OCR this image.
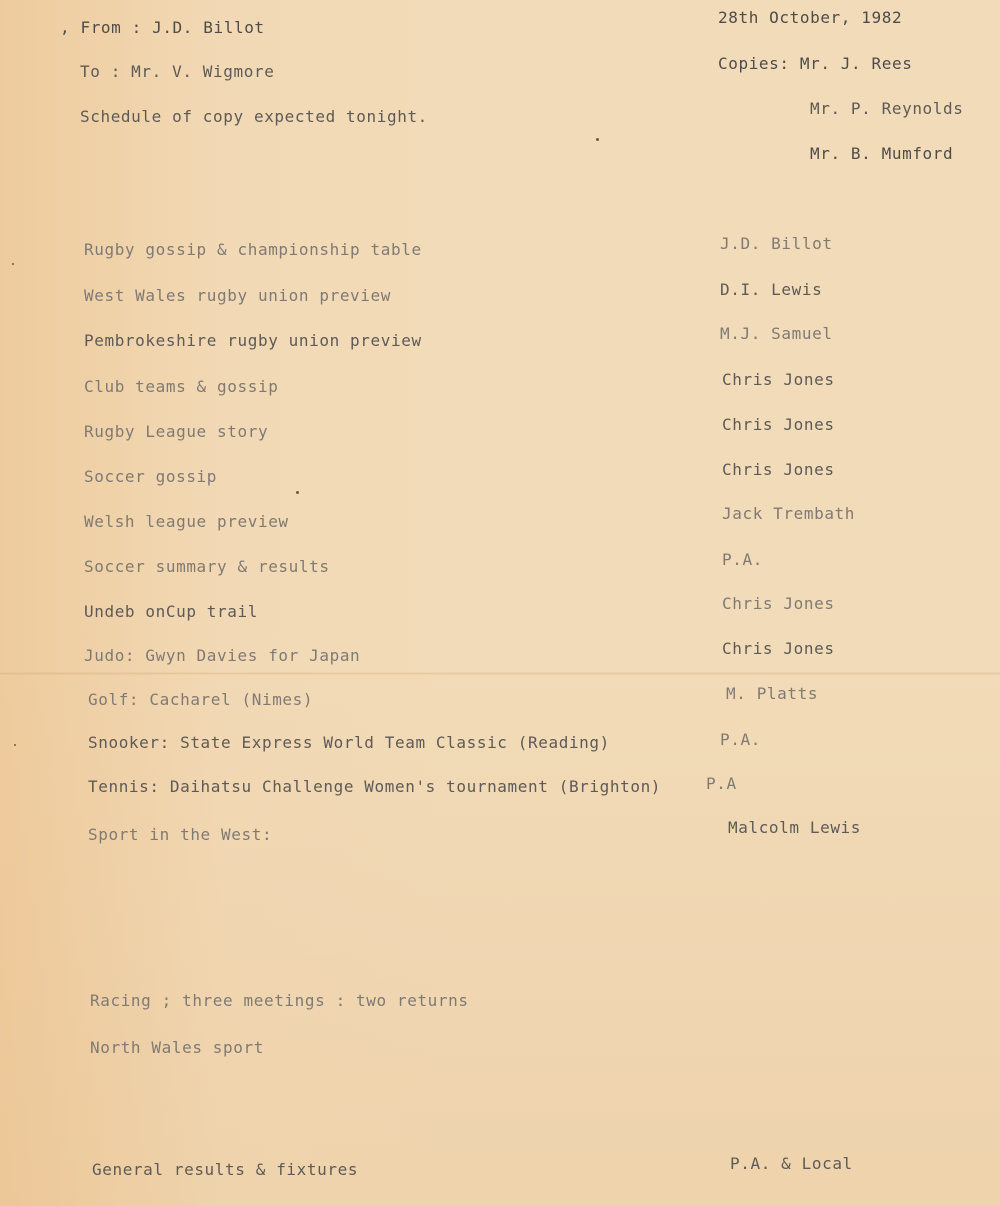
, From : J.D. Billot
To : Mr. V. Wigmore
Schedule of copy expected tonight.
28th October, 1982
Copies: Mr. J. Rees
Mr. P. Reynolds
Mr. B. Mumford
Rugby gossip & championship table	J.D. Billot
West Wales rugby union preview	D.I. Lewis
Pembrokeshire rugby union preview	M.J. Samuel
Club teams & gossip	Chris Jones
Rugby League story	Chris Jones
Soccer gossip	Chris Jones
Welsh league preview	Jack Trembath
Soccer summary & results	P.A.
Undeb onCup trail	Chris Jones
Judo: Gwyn Davies for Japan	Chris Jones
Golf: Cacharel (Nimes)	M. Platts
Snooker: State Express World Team Classic (Reading)	P.A.
Tennis: Daihatsu Challenge Women's tournament (Brighton)	P.A
Sport in the West:	Malcolm Lewis
Racing ; three meetings : two returns
North Wales sport
General results & fixtures	P.A. & Local
